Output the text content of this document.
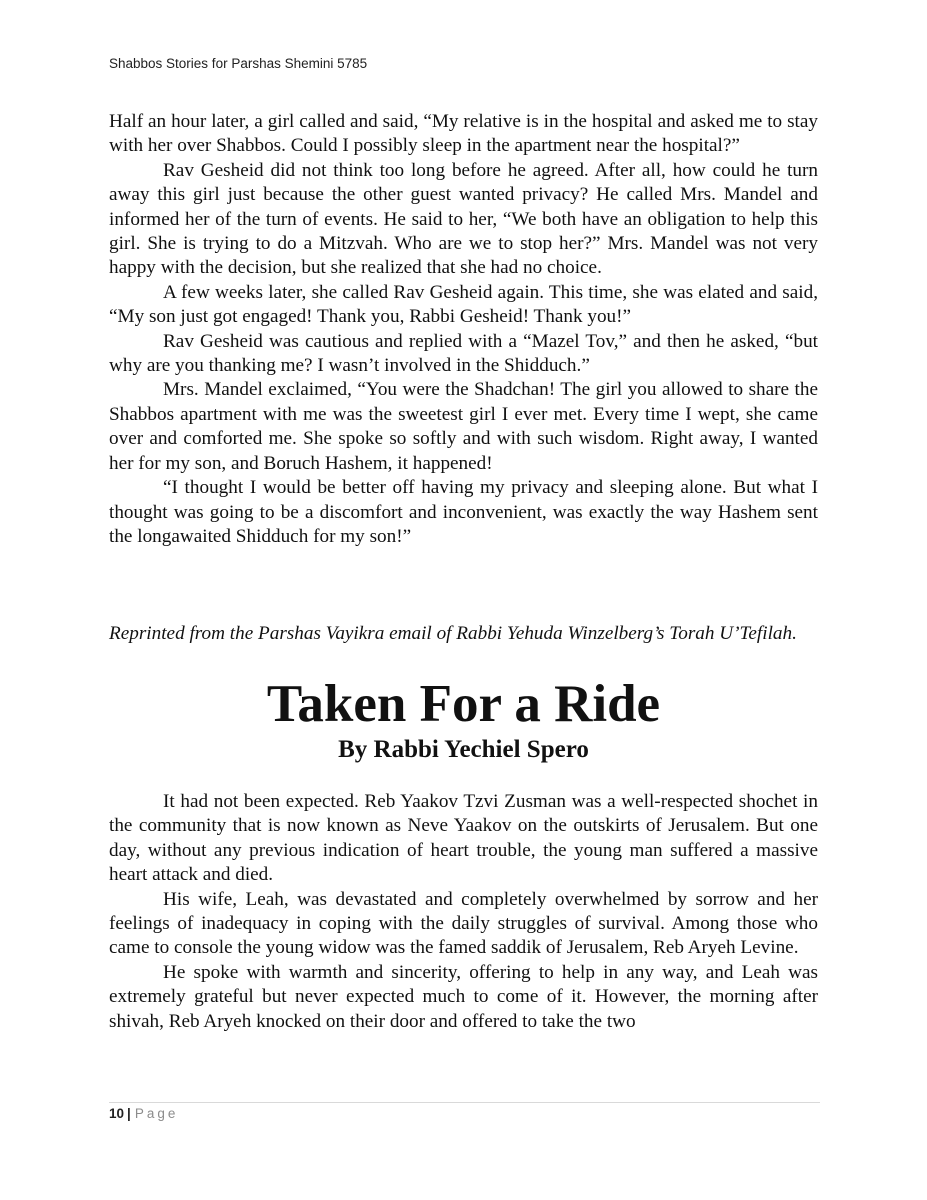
Shabbos Stories for Parshas Shemini 5785

Half an hour later, a girl called and said, “My relative is in the hospital and asked me to stay with her over Shabbos. Could I possibly sleep in the apartment near the hospital?”

Rav Gesheid did not think too long before he agreed. After all, how could he turn away this girl just because the other guest wanted privacy? He called Mrs. Mandel and informed her of the turn of events. He said to her, “We both have an obligation to help this girl. She is trying to do a Mitzvah. Who are we to stop her?” Mrs. Mandel was not very happy with the decision, but she realized that she had no choice.

A few weeks later, she called Rav Gesheid again. This time, she was elated and said, “My son just got engaged! Thank you, Rabbi Gesheid! Thank you!”

Rav Gesheid was cautious and replied with a “Mazel Tov,” and then he asked, “but why are you thanking me? I wasn’t involved in the Shidduch.”

Mrs. Mandel exclaimed, “You were the Shadchan! The girl you allowed to share the Shabbos apartment with me was the sweetest girl I ever met. Every time I wept, she came over and comforted me. She spoke so softly and with such wisdom. Right away, I wanted her for my son, and Boruch Hashem, it happened!

“I thought I would be better off having my privacy and sleeping alone. But what I thought was going to be a discomfort and inconvenient, was exactly the way Hashem sent the longawaited Shidduch for my son!”

Reprinted from the Parshas Vayikra email of Rabbi Yehuda Winzelberg’s Torah U’Tefilah.
Taken For a Ride
By Rabbi Yechiel Spero

It had not been expected. Reb Yaakov Tzvi Zusman was a well-respected shochet in the community that is now known as Neve Yaakov on the outskirts of Jerusalem. But one day, without any previous indication of heart trouble, the young man suffered a massive heart attack and died.

His wife, Leah, was devastated and completely overwhelmed by sorrow and her feelings of inadequacy in coping with the daily struggles of survival. Among those who came to console the young widow was the famed saddik of Jerusalem, Reb Aryeh Levine.

He spoke with warmth and sincerity, offering to help in any way, and Leah was extremely grateful but never expected much to come of it. However, the morning after shivah, Reb Aryeh knocked on their door and offered to take the two

10 | Page
